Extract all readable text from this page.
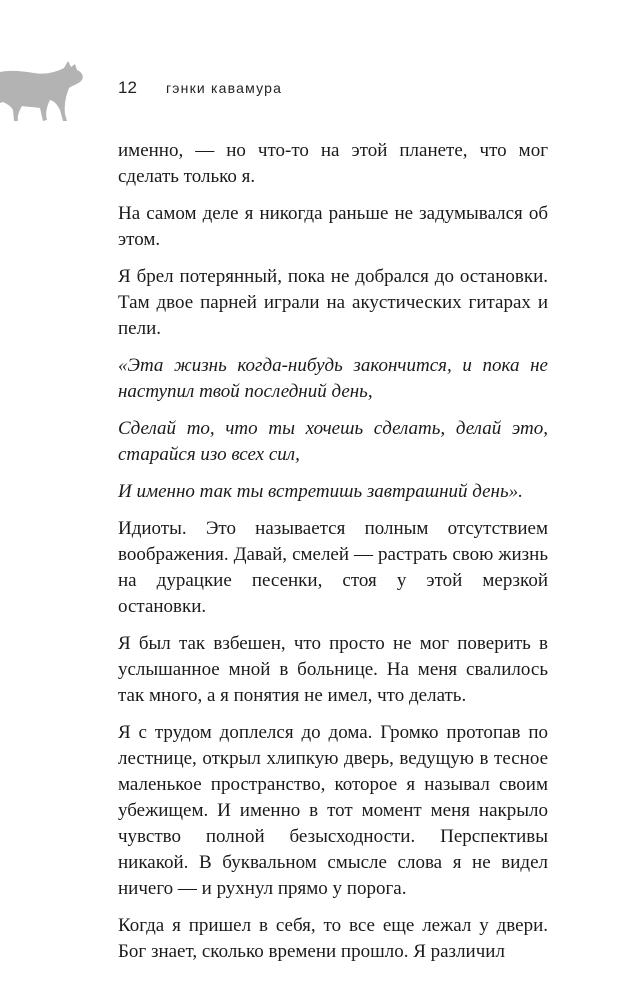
12	гэнки кавамура

именно, — но что-то на этой планете, что мог сделать только я.

На самом деле я никогда раньше не задумывался об этом.

Я брел потерянный, пока не добрался до остановки. Там двое парней играли на акустических гитарах и пели.

«Эта жизнь когда-нибудь закончится, и пока не наступил твой последний день,

Сделай то, что ты хочешь сделать, делай это, старайся изо всех сил,

И именно так ты встретишь завтрашний день».

Идиоты. Это называется полным отсутствием воображения. Давай, смелей — растрать свою жизнь на дурацкие песенки, стоя у этой мерзкой остановки.

Я был так взбешен, что просто не мог поверить в услышанное мной в больнице. На меня свалилось так много, а я понятия не имел, что делать.

Я с трудом доплелся до дома. Громко протопав по лестнице, открыл хлипкую дверь, ведущую в тесное маленькое пространство, которое я называл своим убежищем. И именно в тот момент меня накрыло чувство полной безысходности. Перспективы никакой. В буквальном смысле слова я не видел ничего — и рухнул прямо у порога.

Когда я пришел в себя, то все еще лежал у двери. Бог знает, сколько времени прошло. Я различил
